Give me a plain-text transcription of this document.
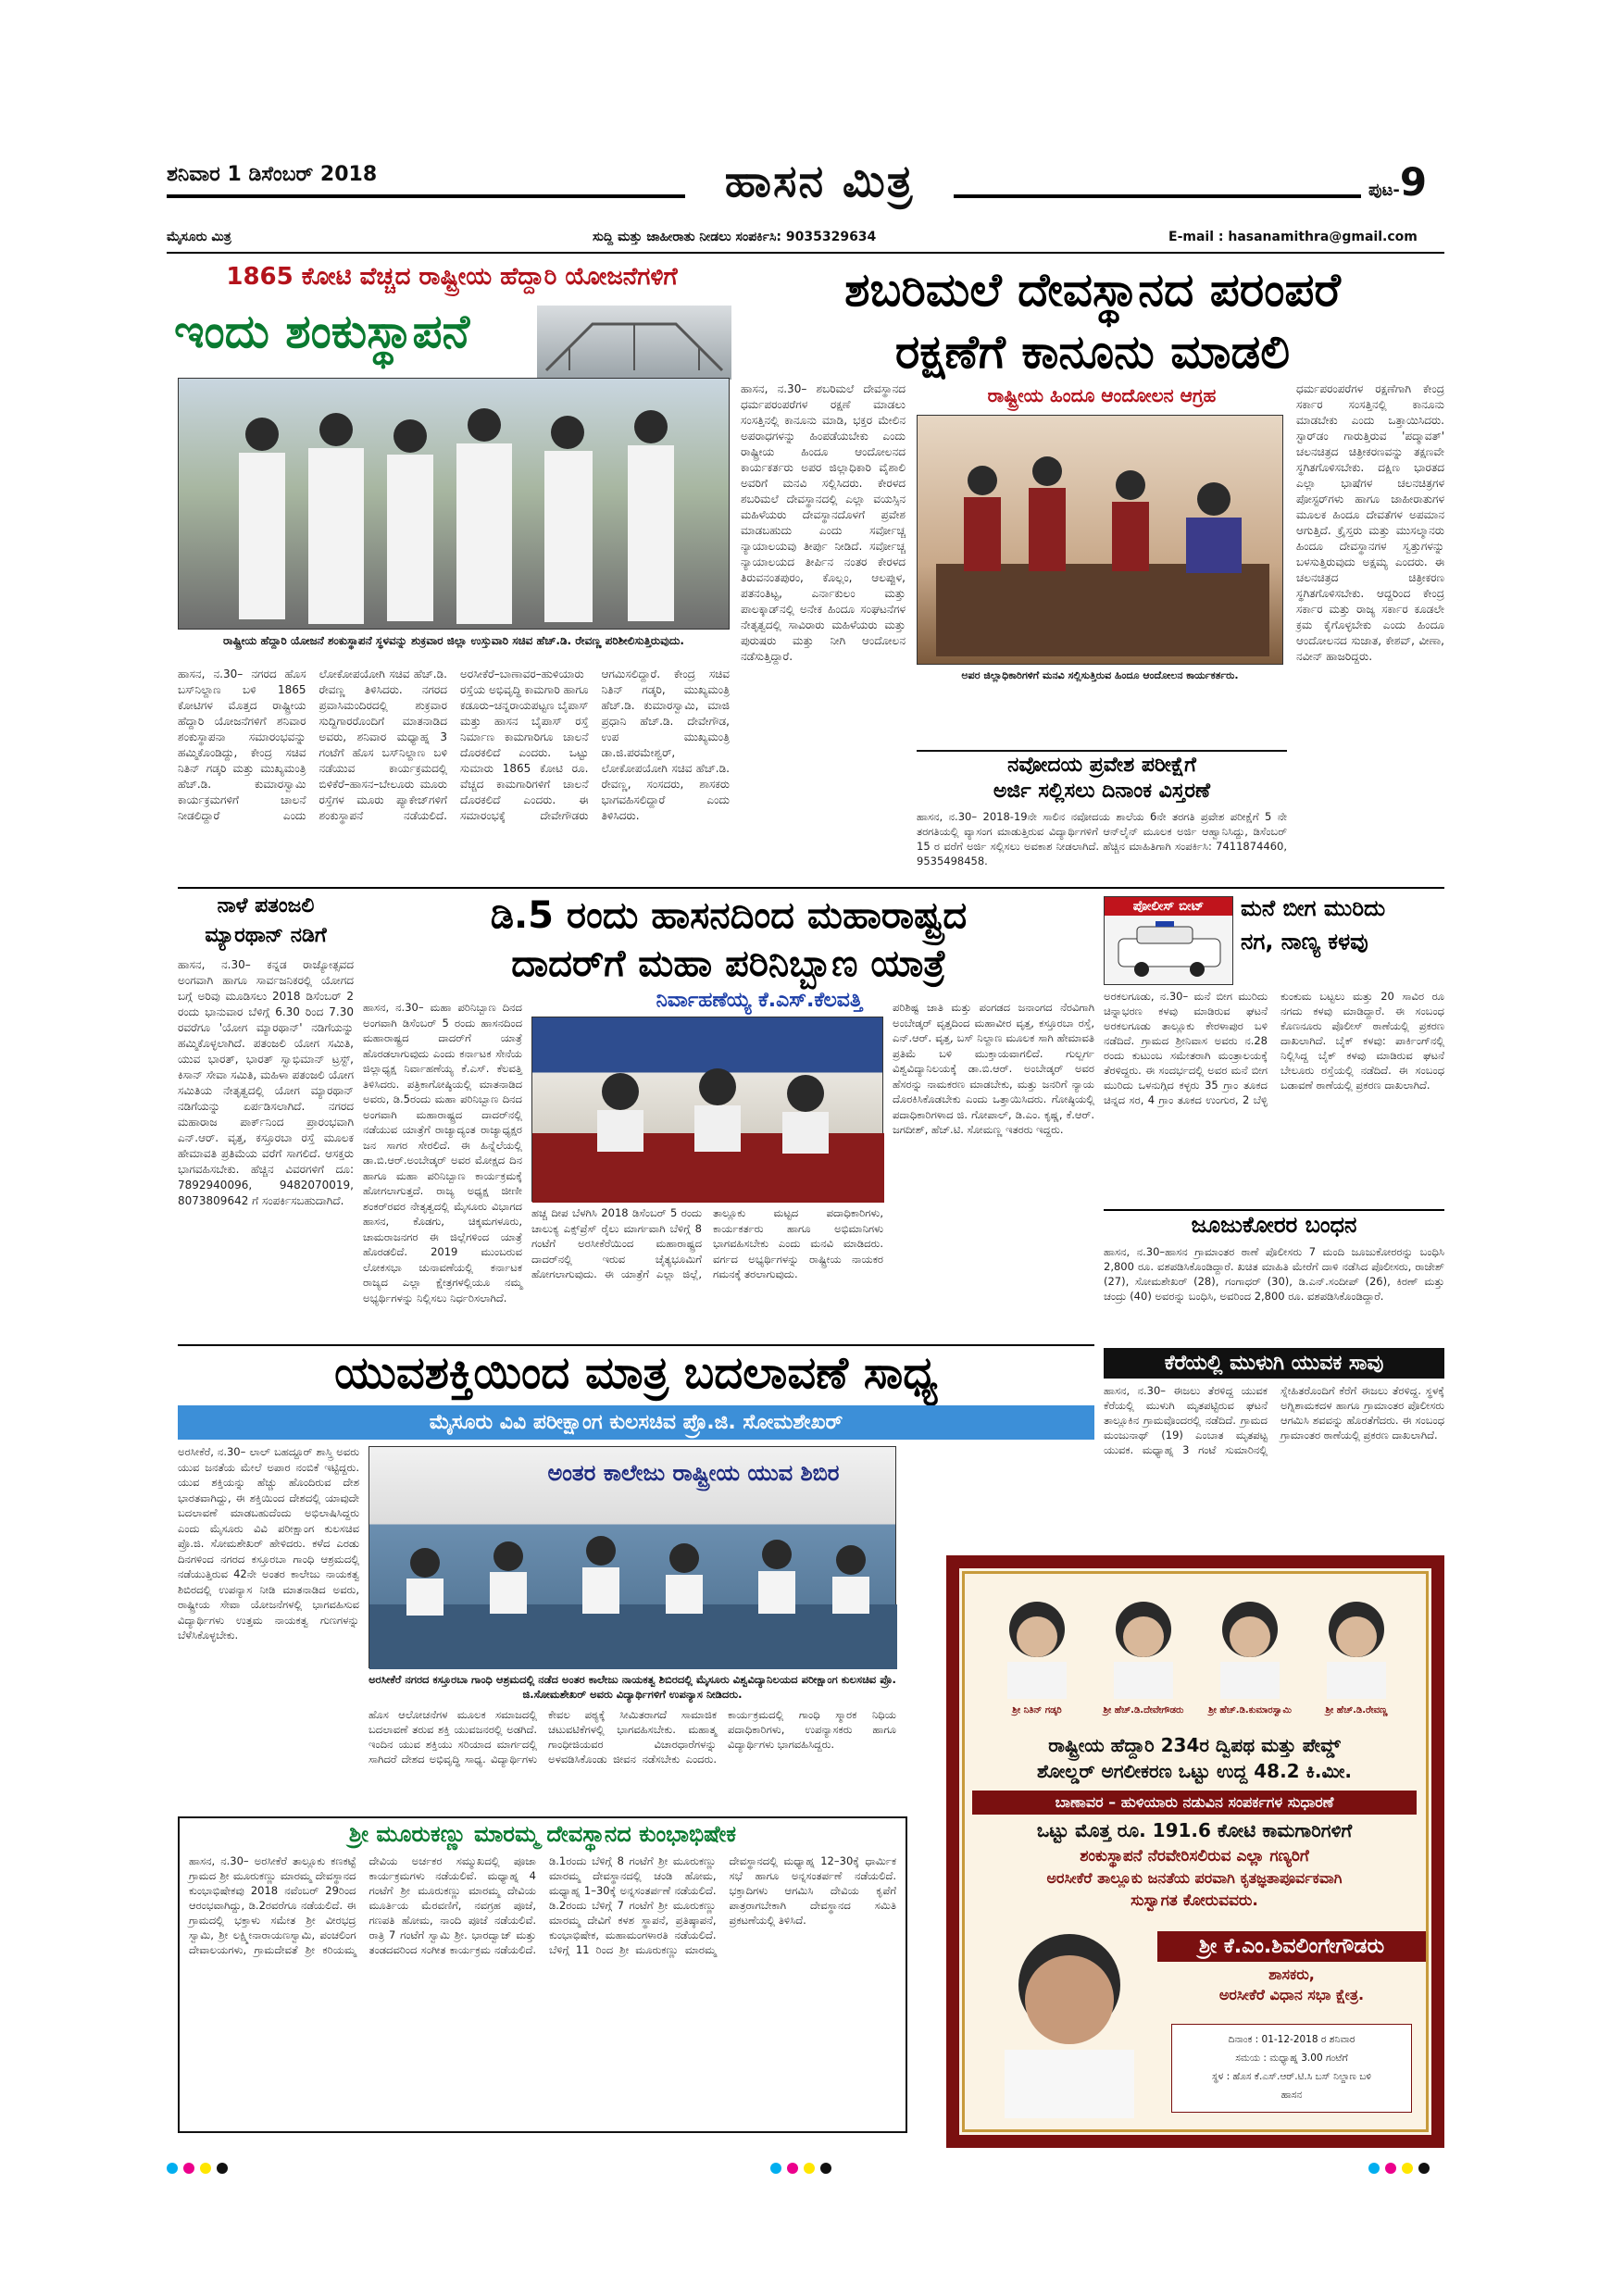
ಶನಿವಾರ 1 ಡಿಸೆಂಬರ್ 2018	ಹಾಸನ ಮಿತ್ರ	ಪುಟ-9
ಮೈಸೂರು ಮಿತ್ರ	ಸುದ್ದಿ ಮತ್ತು ಜಾಹೀರಾತು ನೀಡಲು ಸಂಪರ್ಕಿಸಿ: 9035329634	E-mail : hasanamithra@gmail.com
1865 ಕೋಟಿ ವೆಚ್ಚದ ರಾಷ್ಟ್ರೀಯ ಹೆದ್ದಾರಿ ಯೋಜನೆಗಳಿಗೆ
ಇಂದು ಶಂಕುಸ್ಥಾಪನೆ
ರಾಷ್ಟ್ರೀಯ ಹೆದ್ದಾರಿ ಯೋಜನೆ ಶಂಕುಸ್ಥಾಪನೆ ಸ್ಥಳವನ್ನು ಶುಕ್ರವಾರ ಜಿಲ್ಲಾ ಉಸ್ತುವಾರಿ ಸಚಿವ ಹೆಚ್.ಡಿ. ರೇವಣ್ಣ ಪರಿಶೀಲಿಸುತ್ತಿರುವುದು.
ಹಾಸನ, ನ.30– ನಗರದ ಹೊಸ ಬಸ್‌ನಿಲ್ದಾಣ ಬಳಿ 1865 ಕೋಟಿಗಳ ಮೊತ್ತದ ರಾಷ್ಟ್ರೀಯ ಹೆದ್ದಾರಿ ಯೋಜನೆಗಳಿಗೆ ಶನಿವಾರ ಶಂಕುಸ್ಥಾಪನಾ ಸಮಾರಂಭವನ್ನು ಹಮ್ಮಿಕೊಂಡಿದ್ದು, ಕೇಂದ್ರ ಸಚಿವ ನಿತಿನ್ ಗಡ್ಕರಿ ಮತ್ತು ಮುಖ್ಯಮಂತ್ರಿ ಹೆಚ್.ಡಿ. ಕುಮಾರಸ್ವಾಮಿ ಕಾರ್ಯಕ್ರಮಗಳಿಗೆ ಚಾಲನೆ ನೀಡಲಿದ್ದಾರೆ ಎಂದು ಲೋಕೋಪಯೋಗಿ ಸಚಿವ ಹೆಚ್.ಡಿ. ರೇವಣ್ಣ ತಿಳಿಸಿದರು. ನಗರದ ಪ್ರವಾಸಿಮಂದಿರದಲ್ಲಿ ಶುಕ್ರವಾರ ಸುದ್ದಿಗಾರರೊಂದಿಗೆ ಮಾತನಾಡಿದ ಅವರು, ಶನಿವಾರ ಮಧ್ಯಾಹ್ನ 3 ಗಂಟೆಗೆ ಹೊಸ ಬಸ್‌ನಿಲ್ದಾಣ ಬಳಿ ನಡೆಯುವ ಕಾರ್ಯಕ್ರಮದಲ್ಲಿ ಬಿಳಿಕೆರೆ–ಹಾಸನ–ಬೇಲೂರು ಮೂರು ರಸ್ತೆಗಳ ಮೂರು ಪ್ಯಾಕೇಜ್‌ಗಳಿಗೆ ಶಂಕುಸ್ಥಾಪನೆ ನಡೆಯಲಿದೆ. ಅರಸೀಕೆರೆ–ಬಾಣಾವರ–ಹುಳಿಯಾರು ರಸ್ತೆಯ ಅಭಿವೃದ್ಧಿ ಕಾಮಗಾರಿ ಹಾಗೂ ಕಡೂರು–ಚನ್ನರಾಯಪಟ್ಟಣ ಬೈಪಾಸ್ ಮತ್ತು ಹಾಸನ ಬೈಪಾಸ್ ರಸ್ತೆ ನಿರ್ಮಾಣ ಕಾಮಗಾರಿಗೂ ಚಾಲನೆ ದೊರಕಲಿದೆ ಎಂದರು. ಒಟ್ಟು ಸುಮಾರು 1865 ಕೋಟಿ ರೂ. ವೆಚ್ಚದ ಕಾಮಗಾರಿಗಳಿಗೆ ಚಾಲನೆ ದೊರಕಲಿದೆ ಎಂದರು. ಈ ಸಮಾರಂಭಕ್ಕೆ ದೇವೇಗೌಡರು ಆಗಮಿಸಲಿದ್ದಾರೆ. ಕೇಂದ್ರ ಸಚಿವ ನಿತಿನ್ ಗಡ್ಕರಿ, ಮುಖ್ಯಮಂತ್ರಿ ಹೆಚ್.ಡಿ. ಕುಮಾರಸ್ವಾಮಿ, ಮಾಜಿ ಪ್ರಧಾನಿ ಹೆಚ್.ಡಿ. ದೇವೇಗೌಡ, ಉಪ ಮುಖ್ಯಮಂತ್ರಿ ಡಾ.ಜಿ.ಪರಮೇಶ್ವರ್, ಲೋಕೋಪಯೋಗಿ ಸಚಿವ ಹೆಚ್.ಡಿ. ರೇವಣ್ಣ, ಸಂಸದರು, ಶಾಸಕರು ಭಾಗವಹಿಸಲಿದ್ದಾರೆ ಎಂದು ತಿಳಿಸಿದರು.
ಶಬರಿಮಲೆ ದೇವಸ್ಥಾನದ ಪರಂಪರೆ
ರಕ್ಷಣೆಗೆ ಕಾನೂನು ಮಾಡಲಿ
ಹಾಸನ, ನ.30– ಶಬರಿಮಲೆ ದೇವಸ್ಥಾನದ ಧರ್ಮಪರಂಪರೆಗಳ ರಕ್ಷಣೆ ಮಾಡಲು ಸಂಸತ್ತಿನಲ್ಲಿ ಕಾನೂನು ಮಾಡಿ, ಭಕ್ತರ ಮೇಲಿನ ಅಪರಾಧಗಳನ್ನು ಹಿಂಪಡೆಯಬೇಕು ಎಂದು ರಾಷ್ಟ್ರೀಯ ಹಿಂದೂ ಆಂದೋಲನದ ಕಾರ್ಯಕರ್ತರು ಅಪರ ಜಿಲ್ಲಾಧಿಕಾರಿ ವೈಶಾಲಿ ಅವರಿಗೆ ಮನವಿ ಸಲ್ಲಿಸಿದರು. ಕೇರಳದ ಶಬರಿಮಲೆ ದೇವಸ್ಥಾನದಲ್ಲಿ ಎಲ್ಲಾ ವಯಸ್ಸಿನ ಮಹಿಳೆಯರು ದೇವಸ್ಥಾನದೊಳಗೆ ಪ್ರವೇಶ ಮಾಡಬಹುದು ಎಂದು ಸರ್ವೋಚ್ಚ ನ್ಯಾಯಾಲಯವು ತೀರ್ಪು ನೀಡಿದೆ. ಸರ್ವೋಚ್ಚ ನ್ಯಾಯಾಲಯದ ತೀರ್ಪಿನ ನಂತರ ಕೇರಳದ ತಿರುವನಂತಪುರಂ, ಕೊಲ್ಲಂ, ಆಲಪ್ಪುಳ, ಪತನಂತಿಟ್ಟ, ಎರ್ನಾಕುಲಂ ಮತ್ತು ಪಾಲಕ್ಕಾಡ್‌ನಲ್ಲಿ ಅನೇಕ ಹಿಂದೂ ಸಂಘಟನೆಗಳ ನೇತೃತ್ವದಲ್ಲಿ ಸಾವಿರಾರು ಮಹಿಳೆಯರು ಮತ್ತು ಪುರುಷರು ಮತ್ತು ನೀಗಿ ಆಂದೋಲನ ನಡೆಸುತ್ತಿದ್ದಾರೆ.
ರಾಷ್ಟ್ರೀಯ ಹಿಂದೂ ಆಂದೋಲನ ಆಗ್ರಹ
ಅಪರ ಜಿಲ್ಲಾಧಿಕಾರಿಗಳಿಗೆ ಮನವಿ ಸಲ್ಲಿಸುತ್ತಿರುವ ಹಿಂದೂ ಆಂದೋಲನ ಕಾರ್ಯಕರ್ತರು.
ಧರ್ಮಪರಂಪರೆಗಳ ರಕ್ಷಣೆಗಾಗಿ ಕೇಂದ್ರ ಸರ್ಕಾರ ಸಂಸತ್ತಿನಲ್ಲಿ ಕಾನೂನು ಮಾಡಬೇಕು ಎಂದು ಒತ್ತಾಯಿಸಿದರು. ಸ್ಟಾರ್‌ಡಂ ಗಾರುತ್ತಿರುವ 'ಪದ್ಮಾವತ್' ಚಲನಚಿತ್ರದ ಚಿತ್ರೀಕರಣವನ್ನು ತಕ್ಷಣವೇ ಸ್ಥಗಿತಗೊಳಿಸಬೇಕು. ದಕ್ಷಿಣ ಭಾರತದ ಎಲ್ಲಾ ಭಾಷೆಗಳ ಚಲನಚಿತ್ರಗಳ ಪೋಸ್ಟರ್‌ಗಳು ಹಾಗೂ ಜಾಹೀರಾತುಗಳ ಮೂಲಕ ಹಿಂದೂ ದೇವತೆಗಳ ಅಪಮಾನ ಆಗುತ್ತಿದೆ. ಕ್ರೈಸ್ತರು ಮತ್ತು ಮುಸಲ್ಮಾನರು ಹಿಂದೂ ದೇವಸ್ಥಾನಗಳ ಸ್ವತ್ತುಗಳನ್ನು ಬಳಸುತ್ತಿರುವುದು ಅಕ್ಷಮ್ಯ ಎಂದರು. ಈ ಚಲನಚಿತ್ರದ ಚಿತ್ರೀಕರಣ ಸ್ಥಗಿತಗೊಳಿಸಬೇಕು. ಆದ್ದರಿಂದ ಕೇಂದ್ರ ಸರ್ಕಾರ ಮತ್ತು ರಾಜ್ಯ ಸರ್ಕಾರ ಕೂಡಲೇ ಕ್ರಮ ಕೈಗೊಳ್ಳಬೇಕು ಎಂದು ಹಿಂದೂ ಆಂದೋಲನದ ಸುಜಾತ, ಕೇಶವ್, ವೀಣಾ, ನವೀನ್ ಹಾಜರಿದ್ದರು.
ನವೋದಯ ಪ್ರವೇಶ ಪರೀಕ್ಷೆಗೆ
ಅರ್ಜಿ ಸಲ್ಲಿಸಲು ದಿನಾಂಕ ವಿಸ್ತರಣೆ
ಹಾಸನ, ನ.30– 2018-19ನೇ ಸಾಲಿನ ನವೋದಯ ಶಾಲೆಯ 6ನೇ ತರಗತಿ ಪ್ರವೇಶ ಪರೀಕ್ಷೆಗೆ 5 ನೇ ತರಗತಿಯಲ್ಲಿ ವ್ಯಾಸಂಗ ಮಾಡುತ್ತಿರುವ ವಿದ್ಯಾರ್ಥಿಗಳಿಗೆ ಆನ್‌ಲೈನ್ ಮೂಲಕ ಅರ್ಜಿ ಆಹ್ವಾನಿಸಿದ್ದು, ಡಿಸೆಂಬರ್ 15 ರ ವರೆಗೆ ಅರ್ಜಿ ಸಲ್ಲಿಸಲು ಅವಕಾಶ ನೀಡಲಾಗಿದೆ. ಹೆಚ್ಚಿನ ಮಾಹಿತಿಗಾಗಿ ಸಂಪರ್ಕಿಸಿ: 7411874460, 9535498458.
ನಾಳೆ ಪತಂಜಲಿ
ಮ್ಯಾರಥಾನ್ ನಡಿಗೆ
ಹಾಸನ, ನ.30– ಕನ್ನಡ ರಾಜ್ಯೋತ್ಸವದ ಅಂಗವಾಗಿ ಹಾಗೂ ಸಾರ್ವಜನಿಕರಲ್ಲಿ ಯೋಗದ ಬಗ್ಗೆ ಅರಿವು ಮೂಡಿಸಲು 2018 ಡಿಸೆಂಬರ್ 2 ರಂದು ಭಾನುವಾರ ಬೆಳಿಗ್ಗೆ 6.30 ರಿಂದ 7.30 ರವರೆಗೂ 'ಯೋಗ ಮ್ಯಾರಥಾನ್' ನಡಿಗೆಯನ್ನು ಹಮ್ಮಿಕೊಳ್ಳಲಾಗಿದೆ. ಪತಂಜಲಿ ಯೋಗ ಸಮಿತಿ, ಯುವ ಭಾರತ್, ಭಾರತ್ ಸ್ವಾಭಿಮಾನ್ ಟ್ರಸ್ಟ್, ಕಿಸಾನ್ ಸೇವಾ ಸಮಿತಿ, ಮಹಿಳಾ ಪತಂಜಲಿ ಯೋಗ ಸಮಿತಿಯ ನೇತೃತ್ವದಲ್ಲಿ ಯೋಗ ಮ್ಯಾರಥಾನ್ ನಡಿಗೆಯನ್ನು ಏರ್ಪಡಿಸಲಾಗಿದೆ. ನಗರದ ಮಹಾರಾಜ ಪಾರ್ಕ್‌ನಿಂದ ಪ್ರಾರಂಭವಾಗಿ ಎನ್.ಆರ್. ವೃತ್ತ, ಕಸ್ತೂರಬಾ ರಸ್ತೆ ಮೂಲಕ ಹೇಮಾವತಿ ಪ್ರತಿಮೆಯ ವರೆಗೆ ಸಾಗಲಿದೆ. ಆಸಕ್ತರು ಭಾಗವಹಿಸಬೇಕು. ಹೆಚ್ಚಿನ ವಿವರಗಳಿಗೆ ದೂ: 7892940096, 9482070019, 8073809642 ಗೆ ಸಂಪರ್ಕಿಸಬಹುದಾಗಿದೆ.
ಡಿ.5 ರಂದು ಹಾಸನದಿಂದ ಮಹಾರಾಷ್ಟ್ರದ
ದಾದರ್‌ಗೆ ಮಹಾ ಪರಿನಿಬ್ಬಾಣ ಯಾತ್ರೆ
ನಿರ್ವಾಹಣೆಯ್ಯ ಕೆ.ಎಸ್.ಕೆಲವತ್ತಿ
ಹಾಸನ, ನ.30– ಮಹಾ ಪರಿನಿಬ್ಬಾಣ ದಿನದ ಅಂಗವಾಗಿ ಡಿಸೆಂಬರ್ 5 ರಂದು ಹಾಸನದಿಂದ ಮಹಾರಾಷ್ಟ್ರದ ದಾದರ್‌ಗೆ ಯಾತ್ರೆ ಹೊರಡಲಾಗುವುದು ಎಂದು ಕರ್ನಾಟಕ ಸೇನೆಯ ಜಿಲ್ಲಾಧ್ಯಕ್ಷ ನಿರ್ವಾಹಣೆಯ್ಯ ಕೆ.ಎಸ್. ಕೆಲವತ್ತಿ ತಿಳಿಸಿದರು. ಪತ್ರಿಕಾಗೋಷ್ಠಿಯಲ್ಲಿ ಮಾತನಾಡಿದ ಅವರು, ಡಿ.5ರಂದು ಮಹಾ ಪರಿನಿಬ್ಬಾಣ ದಿನದ ಅಂಗವಾಗಿ ಮಹಾರಾಷ್ಟ್ರದ ದಾದರ್‌ನಲ್ಲಿ ನಡೆಯುವ ಯಾತ್ರೆಗೆ ರಾಜ್ಯಾದ್ಯಂತ ರಾಜ್ಯಾಧ್ಯಕ್ಷರ ಜನ ಸಾಗರ ಸೇರಲಿದೆ. ಈ ಹಿನ್ನೆಲೆಯಲ್ಲಿ ಡಾ.ಬಿ.ಆರ್.ಅಂಬೇಡ್ಕರ್ ಅವರ ಮೋಕ್ಷದ ದಿನ ಹಾಗೂ ಮಹಾ ಪರಿನಿಬ್ಬಾಣ ಕಾರ್ಯಕ್ರಮಕ್ಕೆ ಹೋಗಲಾಗುತ್ತದೆ. ರಾಜ್ಯ ಅಧ್ಯಕ್ಷ ಜೀಣೀ ಶಂಕರ್‌ರವರ ನೇತೃತ್ವದಲ್ಲಿ ಮೈಸೂರು ವಿಭಾಗದ ಹಾಸನ, ಕೊಡಗು, ಚಿಕ್ಕಮಗಳೂರು, ಚಾಮರಾಜನಗರ ಈ ಜಿಲ್ಲೆಗಳಿಂದ ಯಾತ್ರೆ ಹೊರಡಲಿದೆ. 2019 ಮುಂಬರುವ ಲೋಕಸಭಾ ಚುನಾವಣೆಯಲ್ಲಿ ಕರ್ನಾಟಕ ರಾಜ್ಯದ ಎಲ್ಲಾ ಕ್ಷೇತ್ರಗಳಲ್ಲಿಯೂ ನಮ್ಮ ಅಭ್ಯರ್ಥಿಗಳನ್ನು ನಿಲ್ಲಿಸಲು ನಿರ್ಧರಿಸಲಾಗಿದೆ.
ಹಚ್ಚ ದೀಪ ಬೆಳಗಿಸಿ 2018 ಡಿಸೆಂಬರ್ 5 ರಂದು ಚಾಲುಕ್ಯ ಎಕ್ಸ್‌ಪ್ರೆಸ್ ರೈಲು ಮಾರ್ಗವಾಗಿ ಬೆಳಿಗ್ಗೆ 8 ಗಂಟೆಗೆ ಅರಸೀಕೆರೆಯಿಂದ ಮಹಾರಾಷ್ಟ್ರದ ದಾದರ್‌ನಲ್ಲಿ ಇರುವ ಚೈತ್ಯಭೂಮಿಗೆ ಹೋಗಲಾಗುವುದು. ಈ ಯಾತ್ರೆಗೆ ಎಲ್ಲಾ ಜಿಲ್ಲೆ, ತಾಲ್ಲೂಕು ಮಟ್ಟದ ಪದಾಧಿಕಾರಿಗಳು, ಕಾರ್ಯಕರ್ತರು ಹಾಗೂ ಅಭಿಮಾನಿಗಳು ಭಾಗವಹಿಸಬೇಕು ಎಂದು ಮನವಿ ಮಾಡಿದರು. ವರ್ಗದ ಅಭ್ಯರ್ಥಿಗಳನ್ನು ರಾಷ್ಟ್ರೀಯ ನಾಯಕರ ಗಮನಕ್ಕೆ ತರಲಾಗುವುದು.
ಪರಿಶಿಷ್ಟ ಜಾತಿ ಮತ್ತು ಪಂಗಡದ ಜನಾಂಗದ ನೆರವಿಗಾಗಿ ಅಂಬೇಡ್ಕರ್ ವೃತ್ತದಿಂದ ಮಹಾವೀರ ವೃತ್ತ, ಕಸ್ತೂರಬಾ ರಸ್ತೆ, ಎನ್.ಆರ್. ವೃತ್ತ, ಬಸ್ ನಿಲ್ದಾಣ ಮೂಲಕ ಸಾಗಿ ಹೇಮಾವತಿ ಪ್ರತಿಮೆ ಬಳಿ ಮುಕ್ತಾಯವಾಗಲಿದೆ. ಗುಲ್ಬರ್ಗ ವಿಶ್ವವಿದ್ಯಾನಿಲಯಕ್ಕೆ ಡಾ.ಬಿ.ಆರ್. ಅಂಬೇಡ್ಕರ್ ಅವರ ಹೆಸರನ್ನು ನಾಮಕರಣ ಮಾಡಬೇಕು, ಮತ್ತು ಜನರಿಗೆ ನ್ಯಾಯ ದೊರಕಿಸಿಕೊಡಬೇಕು ಎಂದು ಒತ್ತಾಯಿಸಿದರು. ಗೋಷ್ಠಿಯಲ್ಲಿ ಪದಾಧಿಕಾರಿಗಳಾದ ಜಿ. ಗೋಪಾಲ್, ಡಿ.ಎಂ. ಕೃಷ್ಣ, ಕೆ.ಆರ್. ಜಗದೀಶ್, ಹೆಚ್.ಟಿ. ಸೋಮಣ್ಣ ಇತರರು ಇದ್ದರು.
ಪೋಲೀಸ್ ಬೀಟ್	ಮನೆ ಬೀಗ ಮುರಿದು
ನಗ, ನಾಣ್ಯ ಕಳವು
ಅರಕಲಗೂಡು, ನ.30– ಮನೆ ಬೀಗ ಮುರಿದು ಚಿನ್ನಾಭರಣ ಕಳವು ಮಾಡಿರುವ ಘಟನೆ ಅರಕಲಗೂಡು ತಾಲ್ಲೂಕು ಕೇರಳಾಪುರ ಬಳಿ ನಡೆದಿದೆ. ಗ್ರಾಮದ ಶ್ರೀನಿವಾಸ ಅವರು ನ.28 ರಂದು ಕುಟುಂಬ ಸಮೇತರಾಗಿ ಮಂತ್ರಾಲಯಕ್ಕೆ ತೆರಳಿದ್ದರು. ಈ ಸಂದರ್ಭದಲ್ಲಿ ಅವರ ಮನೆ ಬೀಗ ಮುರಿದು ಒಳನುಗ್ಗಿದ ಕಳ್ಳರು 35 ಗ್ರಾಂ ತೂಕದ ಚಿನ್ನದ ಸರ, 4 ಗ್ರಾಂ ತೂಕದ ಉಂಗುರ, 2 ಬೆಳ್ಳಿ ಕುಂಕುಮ ಬಟ್ಟಲು ಮತ್ತು 20 ಸಾವಿರ ರೂ ನಗದು ಕಳವು ಮಾಡಿದ್ದಾರೆ. ಈ ಸಂಬಂಧ ಕೊಣನೂರು ಪೊಲೀಸ್ ಠಾಣೆಯಲ್ಲಿ ಪ್ರಕರಣ ದಾಖಲಾಗಿದೆ. ಬೈಕ್ ಕಳವು: ಪಾರ್ಕಿಂಗ್‌ನಲ್ಲಿ ನಿಲ್ಲಿಸಿದ್ದ ಬೈಕ್ ಕಳವು ಮಾಡಿರುವ ಘಟನೆ ಬೇಲೂರು ರಸ್ತೆಯಲ್ಲಿ ನಡೆದಿದೆ. ಈ ಸಂಬಂಧ ಬಡಾವಣೆ ಠಾಣೆಯಲ್ಲಿ ಪ್ರಕರಣ ದಾಖಲಾಗಿದೆ.
ಜೂಜುಕೋರರ ಬಂಧನ
ಹಾಸನ, ನ.30–ಹಾಸನ ಗ್ರಾಮಾಂತರ ಠಾಣೆ ಪೊಲೀಸರು 7 ಮಂದಿ ಜೂಜುಕೋರರನ್ನು ಬಂಧಿಸಿ 2,800 ರೂ. ವಶಪಡಿಸಿಕೊಂಡಿದ್ದಾರೆ. ಖಚಿತ ಮಾಹಿತಿ ಮೇರೆಗೆ ದಾಳಿ ನಡೆಸಿದ ಪೊಲೀಸರು, ರಾಜೇಶ್ (27), ಸೋಮಶೇಖರ್ (28), ಗಂಗಾಧರ್ (30), ಡಿ.ಎನ್.ಸಂದೀಪ್ (26), ಕಿರಣ್ ಮತ್ತು ಚಂದ್ರು (40) ಅವರನ್ನು ಬಂಧಿಸಿ, ಅವರಿಂದ 2,800 ರೂ. ವಶಪಡಿಸಿಕೊಂಡಿದ್ದಾರೆ.
ಕೆರೆಯಲ್ಲಿ ಮುಳುಗಿ ಯುವಕ ಸಾವು
ಹಾಸನ, ನ.30– ಈಜಲು ತೆರಳಿದ್ದ ಯುವಕ ಕೆರೆಯಲ್ಲಿ ಮುಳುಗಿ ಮೃತಪಟ್ಟಿರುವ ಘಟನೆ ತಾಲ್ಲೂಕಿನ ಗ್ರಾಮವೊಂದರಲ್ಲಿ ನಡೆದಿದೆ. ಗ್ರಾಮದ ಮಂಜುನಾಥ್ (19) ಎಂಬಾತ ಮೃತಪಟ್ಟ ಯುವಕ. ಮಧ್ಯಾಹ್ನ 3 ಗಂಟೆ ಸುಮಾರಿನಲ್ಲಿ ಸ್ನೇಹಿತರೊಂದಿಗೆ ಕೆರೆಗೆ ಈಜಲು ತೆರಳಿದ್ದ. ಸ್ಥಳಕ್ಕೆ ಅಗ್ನಿಶಾಮಕದಳ ಹಾಗೂ ಗ್ರಾಮಾಂತರ ಪೊಲೀಸರು ಆಗಮಿಸಿ ಶವವನ್ನು ಹೊರತೆಗೆದರು. ಈ ಸಂಬಂಧ ಗ್ರಾಮಾಂತರ ಠಾಣೆಯಲ್ಲಿ ಪ್ರಕರಣ ದಾಖಲಾಗಿದೆ.
ಯುವಶಕ್ತಿಯಿಂದ ಮಾತ್ರ ಬದಲಾವಣೆ ಸಾಧ್ಯ
ಮೈಸೂರು ವಿವಿ ಪರೀಕ್ಷಾಂಗ ಕುಲಸಚಿವ ಪ್ರೊ.ಜಿ. ಸೋಮಶೇಖರ್
ಅರಸೀಕೆರೆ, ನ.30– ಲಾಲ್ ಬಹದ್ದೂರ್ ಶಾಸ್ತ್ರಿ ಅವರು ಯುವ ಜನತೆಯ ಮೇಲೆ ಅಪಾರ ನಂಬಿಕೆ ಇಟ್ಟಿದ್ದರು. ಯುವ ಶಕ್ತಿಯನ್ನು ಹೆಚ್ಚು ಹೊಂದಿರುವ ದೇಶ ಭಾರತವಾಗಿದ್ದು, ಈ ಶಕ್ತಿಯಿಂದ ದೇಶದಲ್ಲಿ ಯಾವುದೇ ಬದಲಾವಣೆ ಮಾಡಬಹುದೆಂದು ಅಭಿಲಾಷಿಸಿದ್ದರು ಎಂದು ಮೈಸೂರು ವಿವಿ ಪರೀಕ್ಷಾಂಗ ಕುಲಸಚಿವ ಪ್ರೊ.ಜಿ. ಸೋಮಶೇಖರ್ ಹೇಳಿದರು. ಕಳೆದ ಎರಡು ದಿನಗಳಿಂದ ನಗರದ ಕಸ್ತೂರಬಾ ಗಾಂಧಿ ಆಶ್ರಮದಲ್ಲಿ ನಡೆಯುತ್ತಿರುವ 42ನೇ ಅಂತರ ಕಾಲೇಜು ನಾಯಕತ್ವ ಶಿಬಿರದಲ್ಲಿ ಉಪನ್ಯಾಸ ನೀಡಿ ಮಾತನಾಡಿದ ಅವರು, ರಾಷ್ಟ್ರೀಯ ಸೇವಾ ಯೋಜನೆಗಳಲ್ಲಿ ಭಾಗವಹಿಸುವ ವಿದ್ಯಾರ್ಥಿಗಳು ಉತ್ತಮ ನಾಯಕತ್ವ ಗುಣಗಳನ್ನು ಬೆಳೆಸಿಕೊಳ್ಳಬೇಕು.
ಅಂತರ ಕಾಲೇಜು ರಾಷ್ಟ್ರೀಯ ಯುವ ಶಿಬಿರ
ಅರಸೀಕೆರೆ ನಗರದ ಕಸ್ತೂರಬಾ ಗಾಂಧಿ ಆಶ್ರಮದಲ್ಲಿ ನಡೆದ ಅಂತರ ಕಾಲೇಜು ನಾಯಕತ್ವ ಶಿಬಿರದಲ್ಲಿ ಮೈಸೂರು ವಿಶ್ವವಿದ್ಯಾನಿಲಯದ ಪರೀಕ್ಷಾಂಗ ಕುಲಸಚಿವ ಪ್ರೊ. ಜಿ.ಸೋಮಶೇಖರ್ ಅವರು ವಿದ್ಯಾರ್ಥಿಗಳಿಗೆ ಉಪನ್ಯಾಸ ನೀಡಿದರು.
ಹೊಸ ಆಲೋಚನೆಗಳ ಮೂಲಕ ಸಮಾಜದಲ್ಲಿ ಬದಲಾವಣೆ ತರುವ ಶಕ್ತಿ ಯುವಜನರಲ್ಲಿ ಅಡಗಿದೆ. ಇಂದಿನ ಯುವ ಶಕ್ತಿಯು ಸರಿಯಾದ ಮಾರ್ಗದಲ್ಲಿ ಸಾಗಿದರೆ ದೇಶದ ಅಭಿವೃದ್ಧಿ ಸಾಧ್ಯ. ವಿದ್ಯಾರ್ಥಿಗಳು ಕೇವಲ ಪಠ್ಯಕ್ಕೆ ಸೀಮಿತರಾಗದೆ ಸಾಮಾಜಿಕ ಚಟುವಟಿಕೆಗಳಲ್ಲಿ ಭಾಗವಹಿಸಬೇಕು. ಮಹಾತ್ಮ ಗಾಂಧೀಜಿಯವರ ವಿಚಾರಧಾರೆಗಳನ್ನು ಅಳವಡಿಸಿಕೊಂಡು ಜೀವನ ನಡೆಸಬೇಕು ಎಂದರು. ಕಾರ್ಯಕ್ರಮದಲ್ಲಿ ಗಾಂಧಿ ಸ್ಮಾರಕ ನಿಧಿಯ ಪದಾಧಿಕಾರಿಗಳು, ಉಪನ್ಯಾಸಕರು ಹಾಗೂ ವಿದ್ಯಾರ್ಥಿಗಳು ಭಾಗವಹಿಸಿದ್ದರು.
ಶ್ರೀ ಮೂರುಕಣ್ಣು ಮಾರಮ್ಮ ದೇವಸ್ಥಾನದ ಕುಂಭಾಭಿಷೇಕ
ಹಾಸನ, ನ.30– ಅರಸೀಕೆರೆ ತಾಲ್ಲೂಕು ಕಣಕಟ್ಟೆ ಗ್ರಾಮದ ಶ್ರೀ ಮೂರುಕಣ್ಣು ಮಾರಮ್ಮ ದೇವಸ್ಥಾನದ ಕುಂಭಾಭಿಷೇಕವು 2018 ನವೆಂಬರ್ 29ರಿಂದ ಆರಂಭವಾಗಿದ್ದು, ಡಿ.2ರವರೆಗೂ ನಡೆಯಲಿದೆ. ಈ ಗ್ರಾಮದಲ್ಲಿ ಭಕ್ತಾಳು ಸಮೇತ ಶ್ರೀ ವೀರಭದ್ರ ಸ್ವಾಮಿ, ಶ್ರೀ ಲಕ್ಷ್ಮೀನಾರಾಯಣಸ್ವಾಮಿ, ಪಂಚಲಿಂಗ ದೇವಾಲಯಗಳು, ಗ್ರಾಮದೇವತೆ ಶ್ರೀ ಕರಿಯಮ್ಮ ದೇವಿಯ ಅರ್ಚಕರ ಸಮ್ಮುಖದಲ್ಲಿ ಪೂಜಾ ಕಾರ್ಯಕ್ರಮಗಳು ನಡೆಯಲಿವೆ. ಮಧ್ಯಾಹ್ನ 4 ಗಂಟೆಗೆ ಶ್ರೀ ಮೂರುಕಣ್ಣು ಮಾರಮ್ಮ ದೇವಿಯ ಮೂರ್ತಿಯ ಮೆರವಣಿಗೆ, ನವಗ್ರಹ ಪೂಜೆ, ಗಣಪತಿ ಹೋಮ, ನಾಂದಿ ಪೂಜೆ ನಡೆಯಲಿವೆ. ರಾತ್ರಿ 7 ಗಂಟೆಗೆ ಸ್ವಾಮಿ ಶ್ರೀ. ಭಾರದ್ವಾಜ್ ಮತ್ತು ತಂಡದವರಿಂದ ಸಂಗೀತ ಕಾರ್ಯಕ್ರಮ ನಡೆಯಲಿದೆ. ಡಿ.1ರಂದು ಬೆಳಿಗ್ಗೆ 8 ಗಂಟೆಗೆ ಶ್ರೀ ಮೂರುಕಣ್ಣು ಮಾರಮ್ಮ ದೇವಸ್ಥಾನದಲ್ಲಿ ಚಂಡಿ ಹೋಮ, ಮಧ್ಯಾಹ್ನ 1–30ಕ್ಕೆ ಅನ್ನಸಂತರ್ಪಣೆ ನಡೆಯಲಿದೆ. ಡಿ.2ರಂದು ಬೆಳಿಗ್ಗೆ 7 ಗಂಟೆಗೆ ಶ್ರೀ ಮೂರುಕಣ್ಣು ಮಾರಮ್ಮ ದೇವಿಗೆ ಕಳಶ ಸ್ಥಾಪನೆ, ಪ್ರತಿಷ್ಠಾಪನೆ, ಕುಂಭಾಭಿಷೇಕ, ಮಹಾಮಂಗಳಾರತಿ ನಡೆಯಲಿದೆ. ಬೆಳಿಗ್ಗೆ 11 ರಿಂದ ಶ್ರೀ ಮೂರುಕಣ್ಣು ಮಾರಮ್ಮ ದೇವಸ್ಥಾನದಲ್ಲಿ ಮಧ್ಯಾಹ್ನ 12–30ಕ್ಕೆ ಧಾರ್ಮಿಕ ಸಭೆ ಹಾಗೂ ಅನ್ನಸಂತರ್ಪಣೆ ನಡೆಯಲಿದೆ. ಭಕ್ತಾದಿಗಳು ಆಗಮಿಸಿ ದೇವಿಯ ಕೃಪೆಗೆ ಪಾತ್ರರಾಗಬೇಕಾಗಿ ದೇವಸ್ಥಾನದ ಸಮಿತಿ ಪ್ರಕಟಣೆಯಲ್ಲಿ ತಿಳಿಸಿದೆ.
ಶ್ರೀ ನಿತಿನ್ ಗಡ್ಕರಿ	ಶ್ರೀ ಹೆಚ್.ಡಿ.ದೇವೇಗೌಡರು	ಶ್ರೀ ಹೆಚ್.ಡಿ.ಕುಮಾರಸ್ವಾಮಿ	ಶ್ರೀ ಹೆಚ್.ಡಿ.ರೇವಣ್ಣ
ರಾಷ್ಟ್ರೀಯ ಹೆದ್ದಾರಿ 234ರ ದ್ವಿಪಥ ಮತ್ತು ಪೇವ್ಡ್
ಶೋಲ್ಡರ್ ಅಗಲೀಕರಣ ಒಟ್ಟು ಉದ್ದ 48.2 ಕಿ.ಮೀ.
ಬಾಣಾವರ – ಹುಳಿಯಾರು ನಡುವಿನ ಸಂಪರ್ಕಗಳ ಸುಧಾರಣೆ
ಒಟ್ಟು ಮೊತ್ತ ರೂ. 191.6 ಕೋಟಿ ಕಾಮಗಾರಿಗಳಿಗೆ
ಶಂಕುಸ್ಥಾಪನೆ ನೆರವೇರಿಸಲಿರುವ ಎಲ್ಲಾ ಗಣ್ಯರಿಗೆ
ಅರಸೀಕೆರೆ ತಾಲ್ಲೂಕು ಜನತೆಯ ಪರವಾಗಿ ಕೃತಜ್ಞತಾಪೂರ್ವಕವಾಗಿ
ಸುಸ್ವಾಗತ ಕೋರುವವರು.
ಶ್ರೀ ಕೆ.ಎಂ.ಶಿವಲಿಂಗೇಗೌಡರು
ಶಾಸಕರು,
ಅರಸೀಕೆರೆ ವಿಧಾನ ಸಭಾ ಕ್ಷೇತ್ರ.
ದಿನಾಂಕ : 01-12-2018 ರ ಶನಿವಾರ
ಸಮಯ : ಮಧ್ಯಾಹ್ನ 3.00 ಗಂಟೆಗೆ
ಸ್ಥಳ : ಹೊಸ ಕೆ.ಎಸ್.ಆರ್.ಟಿ.ಸಿ ಬಸ್ ನಿಲ್ದಾಣ ಬಳಿ
ಹಾಸನ
